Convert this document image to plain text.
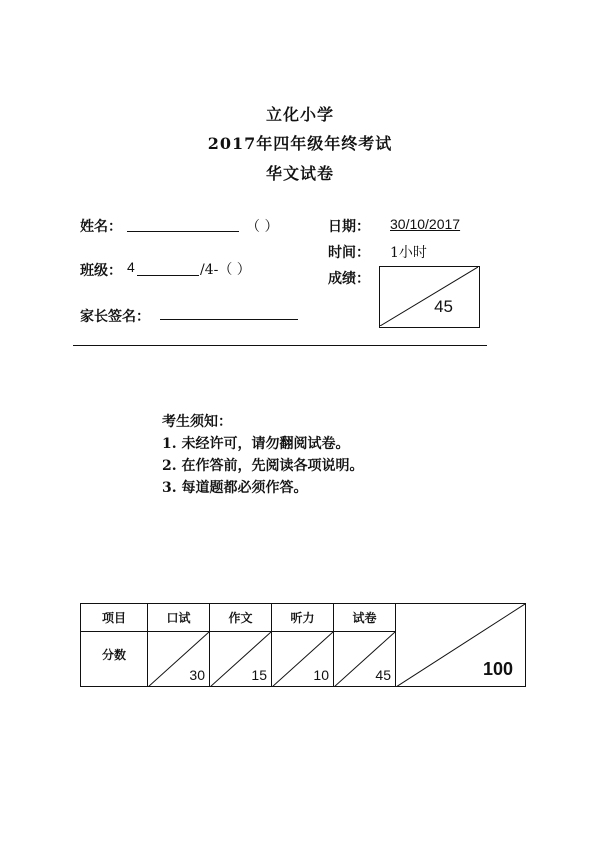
立化小学
2017年四年级年终考试
华文试卷
姓名：	（ ）
班级： 4	/4-（ ）
家长签名：
日期： 30/10/2017
时间： 1小时
成绩：
45
考生须知：
1. 未经许可，请勿翻阅试卷。
2. 在作答前，先阅读各项说明。
3. 每道题都必须作答。
项目	口试	作文	听力	试卷	100

分数	30	15	10	45	
